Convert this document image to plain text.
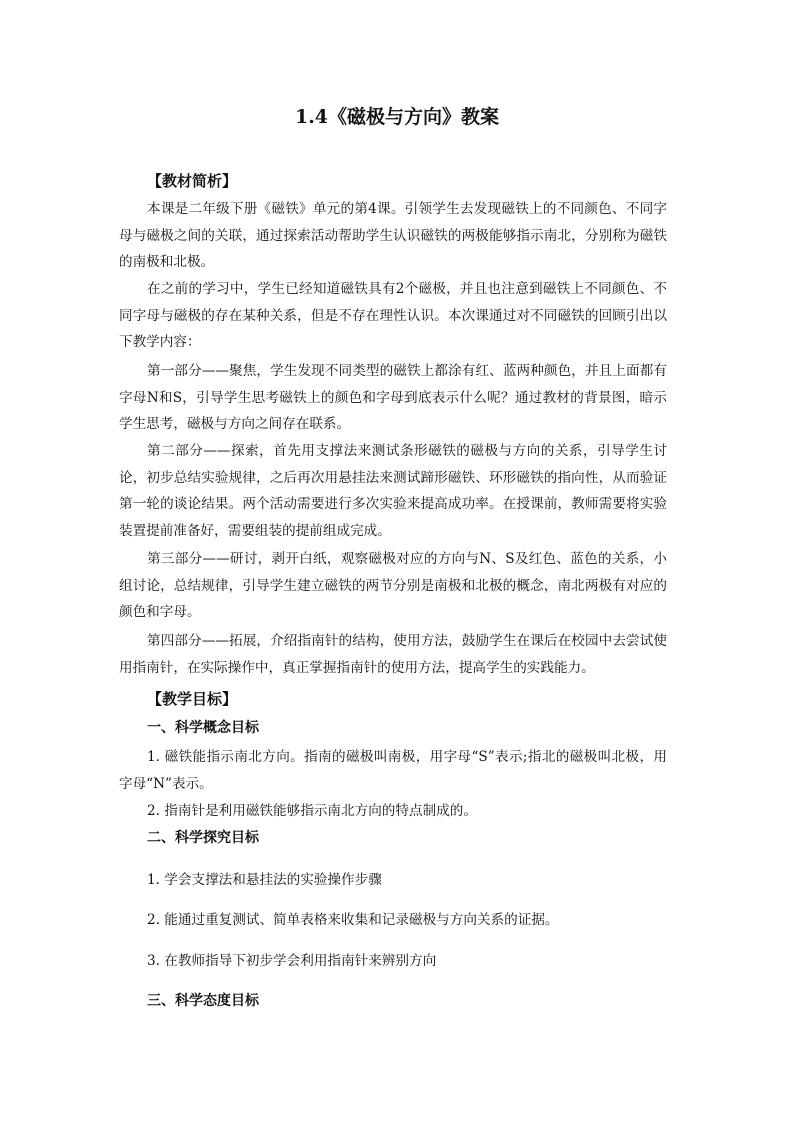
1.4《磁极与方向》教案
【教材简析】
本课是二年级下册《磁铁》单元的第4课。引领学生去发现磁铁上的不同颜色、不同字母与磁极之间的关联，通过探索活动帮助学生认识磁铁的两极能够指示南北，分别称为磁铁的南极和北极。
在之前的学习中，学生已经知道磁铁具有2个磁极，并且也注意到磁铁上不同颜色、不同字母与磁极的存在某种关系，但是不存在理性认识。本次课通过对不同磁铁的回顾引出以下教学内容：
第一部分——聚焦，学生发现不同类型的磁铁上都涂有红、蓝两种颜色，并且上面都有字母N和S，引导学生思考磁铁上的颜色和字母到底表示什么呢？通过教材的背景图，暗示学生思考，磁极与方向之间存在联系。
第二部分——探索，首先用支撑法来测试条形磁铁的磁极与方向的关系，引导学生讨论，初步总结实验规律，之后再次用悬挂法来测试蹄形磁铁、环形磁铁的指向性，从而验证第一轮的谈论结果。两个活动需要进行多次实验来提高成功率。在授课前，教师需要将实验装置提前准备好，需要组装的提前组成完成。
第三部分——研讨，剥开白纸，观察磁极对应的方向与N、S及红色、蓝色的关系，小组讨论，总结规律，引导学生建立磁铁的两节分别是南极和北极的概念，南北两极有对应的颜色和字母。
第四部分——拓展，介绍指南针的结构，使用方法，鼓励学生在课后在校园中去尝试使用指南针，在实际操作中，真正掌握指南针的使用方法，提高学生的实践能力。
【教学目标】
一、科学概念目标
1. 磁铁能指示南北方向。指南的磁极叫南极，用字母“S”表示;指北的磁极叫北极，用字母“N”表示。
2. 指南针是利用磁铁能够指示南北方向的特点制成的。
二、科学探究目标
1. 学会支撑法和悬挂法的实验操作步骤
2. 能通过重复测试、简单表格来收集和记录磁极与方向关系的证据。
3. 在教师指导下初步学会利用指南针来辨别方向
三、科学态度目标
